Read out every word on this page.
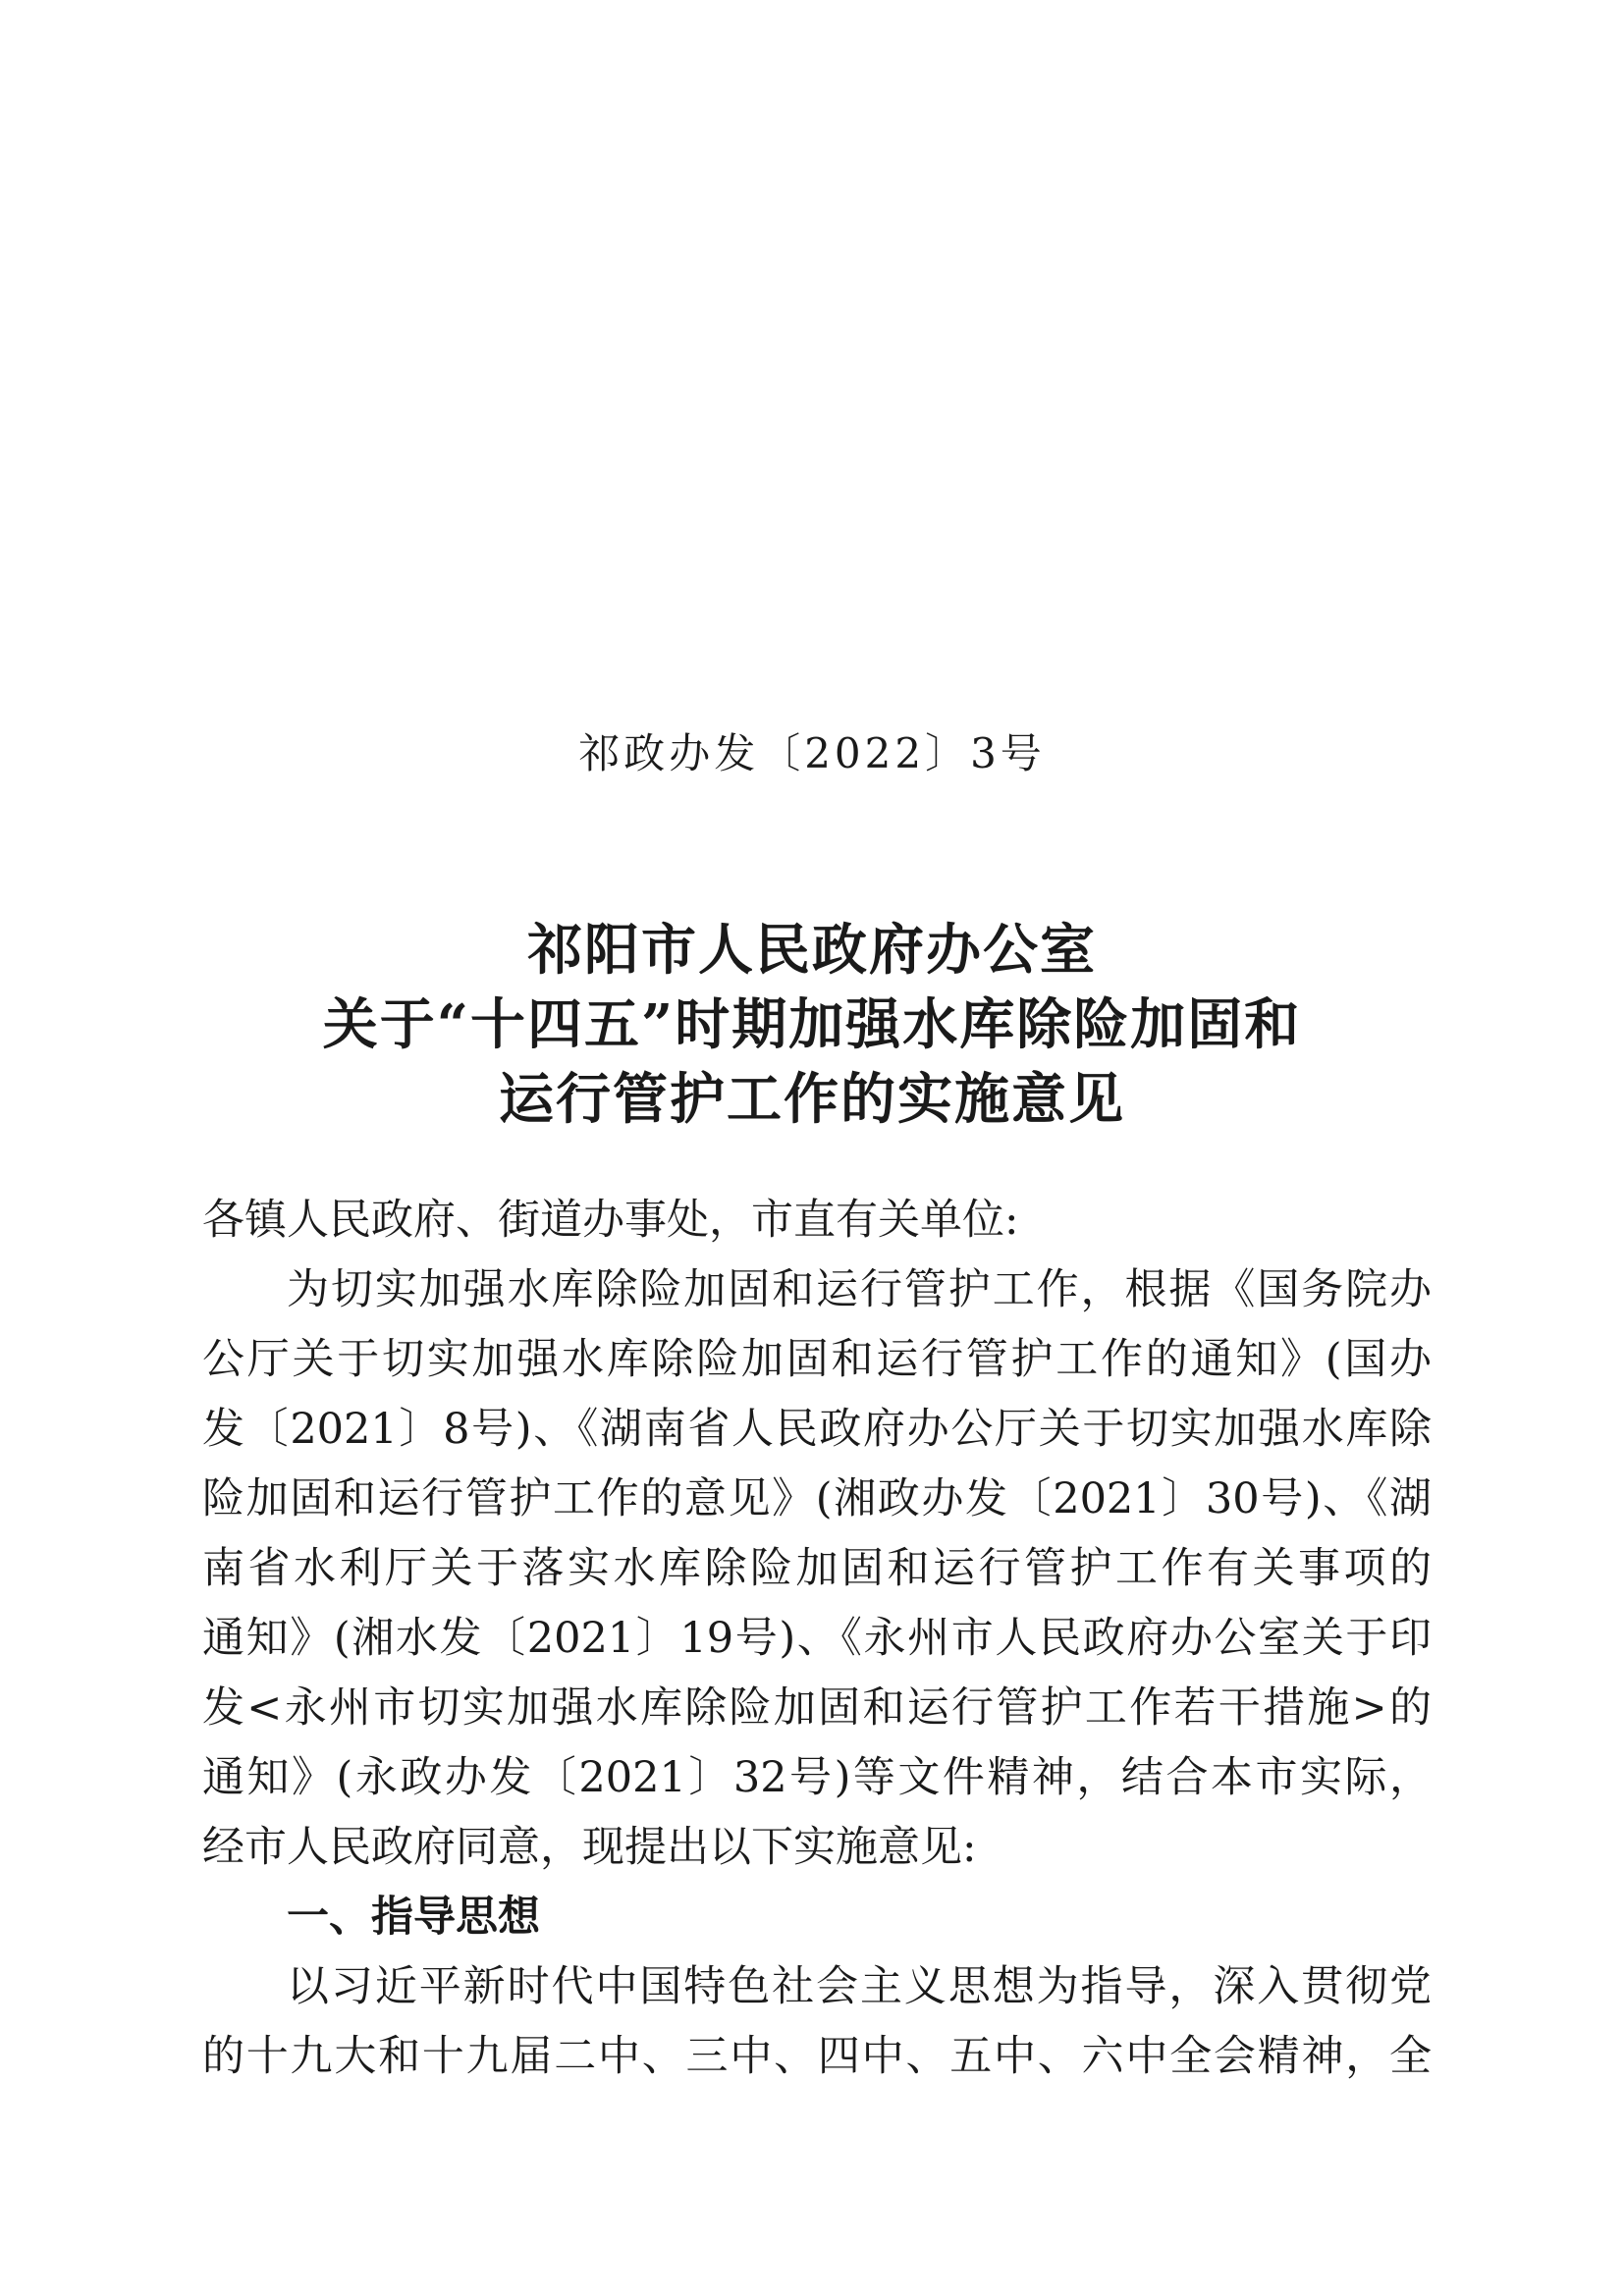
祁政办发〔2022〕3号
祁阳市人民政府办公室
关于“十四五”时期加强水库除险加固和
运行管护工作的实施意见
各镇人民政府、街道办事处，市直有关单位:
为切实加强水库除险加固和运行管护工作，根据《国务院办
公厅关于切实加强水库除险加固和运行管护工作的通知》(国办
发〔2021〕8号)、《湖南省人民政府办公厅关于切实加强水库除
险加固和运行管护工作的意见》(湘政办发〔2021〕30号)、《湖
南省水利厅关于落实水库除险加固和运行管护工作有关事项的
通知》(湘水发〔2021〕19号)、《永州市人民政府办公室关于印
发<永州市切实加强水库除险加固和运行管护工作若干措施>的
通知》(永政办发〔2021〕32号)等文件精神，结合本市实际，
经市人民政府同意，现提出以下实施意见:
一、指导思想
以习近平新时代中国特色社会主义思想为指导，深入贯彻党
的十九大和十九届二中、三中、四中、五中、六中全会精神，全
